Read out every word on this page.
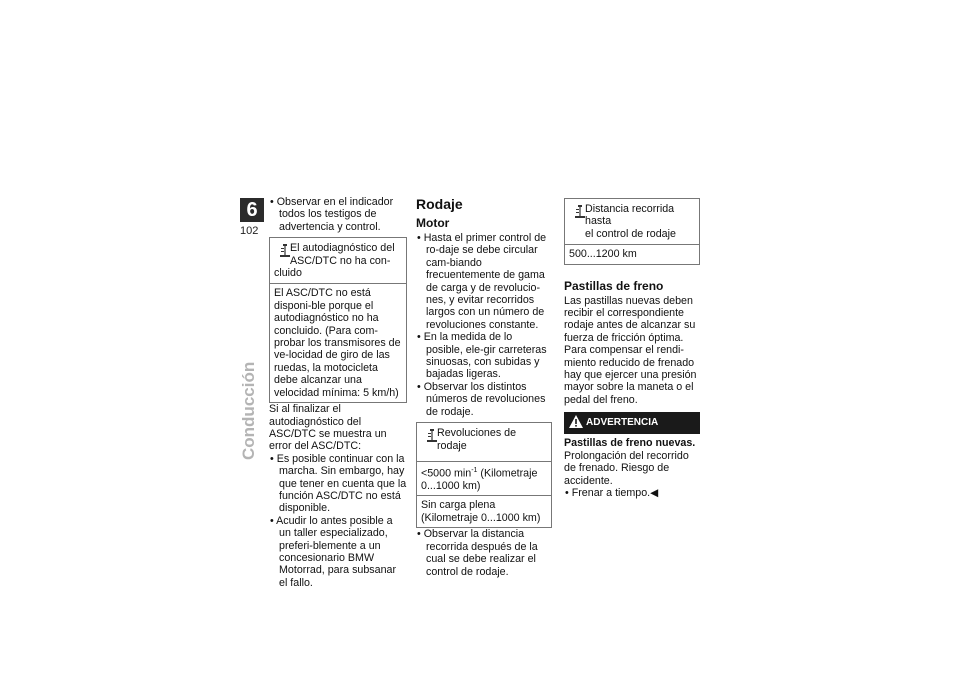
6
102
Conducción

• Observar en el indicador todos los testigos de advertencia y control.

El autodiagnóstico del
ASC/DTC no ha con-
cluido
El ASC/DTC no está disponi-ble porque el autodiagnóstico no ha concluido. (Para com-probar los transmisores de ve-locidad de giro de las ruedas, la motocicleta debe alcanzar una velocidad mínima: 5 km/h)

Si al finalizar el autodiagnóstico del ASC/DTC se muestra un error del ASC/DTC:

• Es posible continuar con la marcha. Sin embargo, hay que tener en cuenta que la función ASC/DTC no está disponible.

• Acudir lo antes posible a un taller especializado, preferi-blemente a un concesionario BMW Motorrad, para subsanar el fallo.

Rodaje
Motor

• Hasta el primer control de ro-daje se debe circular cam-biando frecuentemente de gama de carga y de revolucio-nes, y evitar recorridos largos con un número de revoluciones constante.

• En la medida de lo posible, ele-gir carreteras sinuosas, con subidas y bajadas ligeras.

• Observar los distintos números de revoluciones de rodaje.

Revoluciones de rodaje
<5000 $\min^{-1}$ (Kilometraje 0...1000 km)
Sin carga plena (Kilometraje 0...1000 km)

• Observar la distancia recorrida después de la cual se debe realizar el control de rodaje.

Distancia recorrida hasta
el control de rodaje
500...1200 km
Pastillas de freno

Las pastillas nuevas deben recibir el correspondiente rodaje antes de alcanzar su fuerza de fricción óptima. Para compensar el rendi-miento reducido de frenado hay que ejercer una presión mayor sobre la maneta o el pedal del freno.

ADVERTENCIA

Pastillas de freno nuevas.

Prolongación del recorrido de frenado. Riesgo de accidente.

• Frenar a tiempo.◀
